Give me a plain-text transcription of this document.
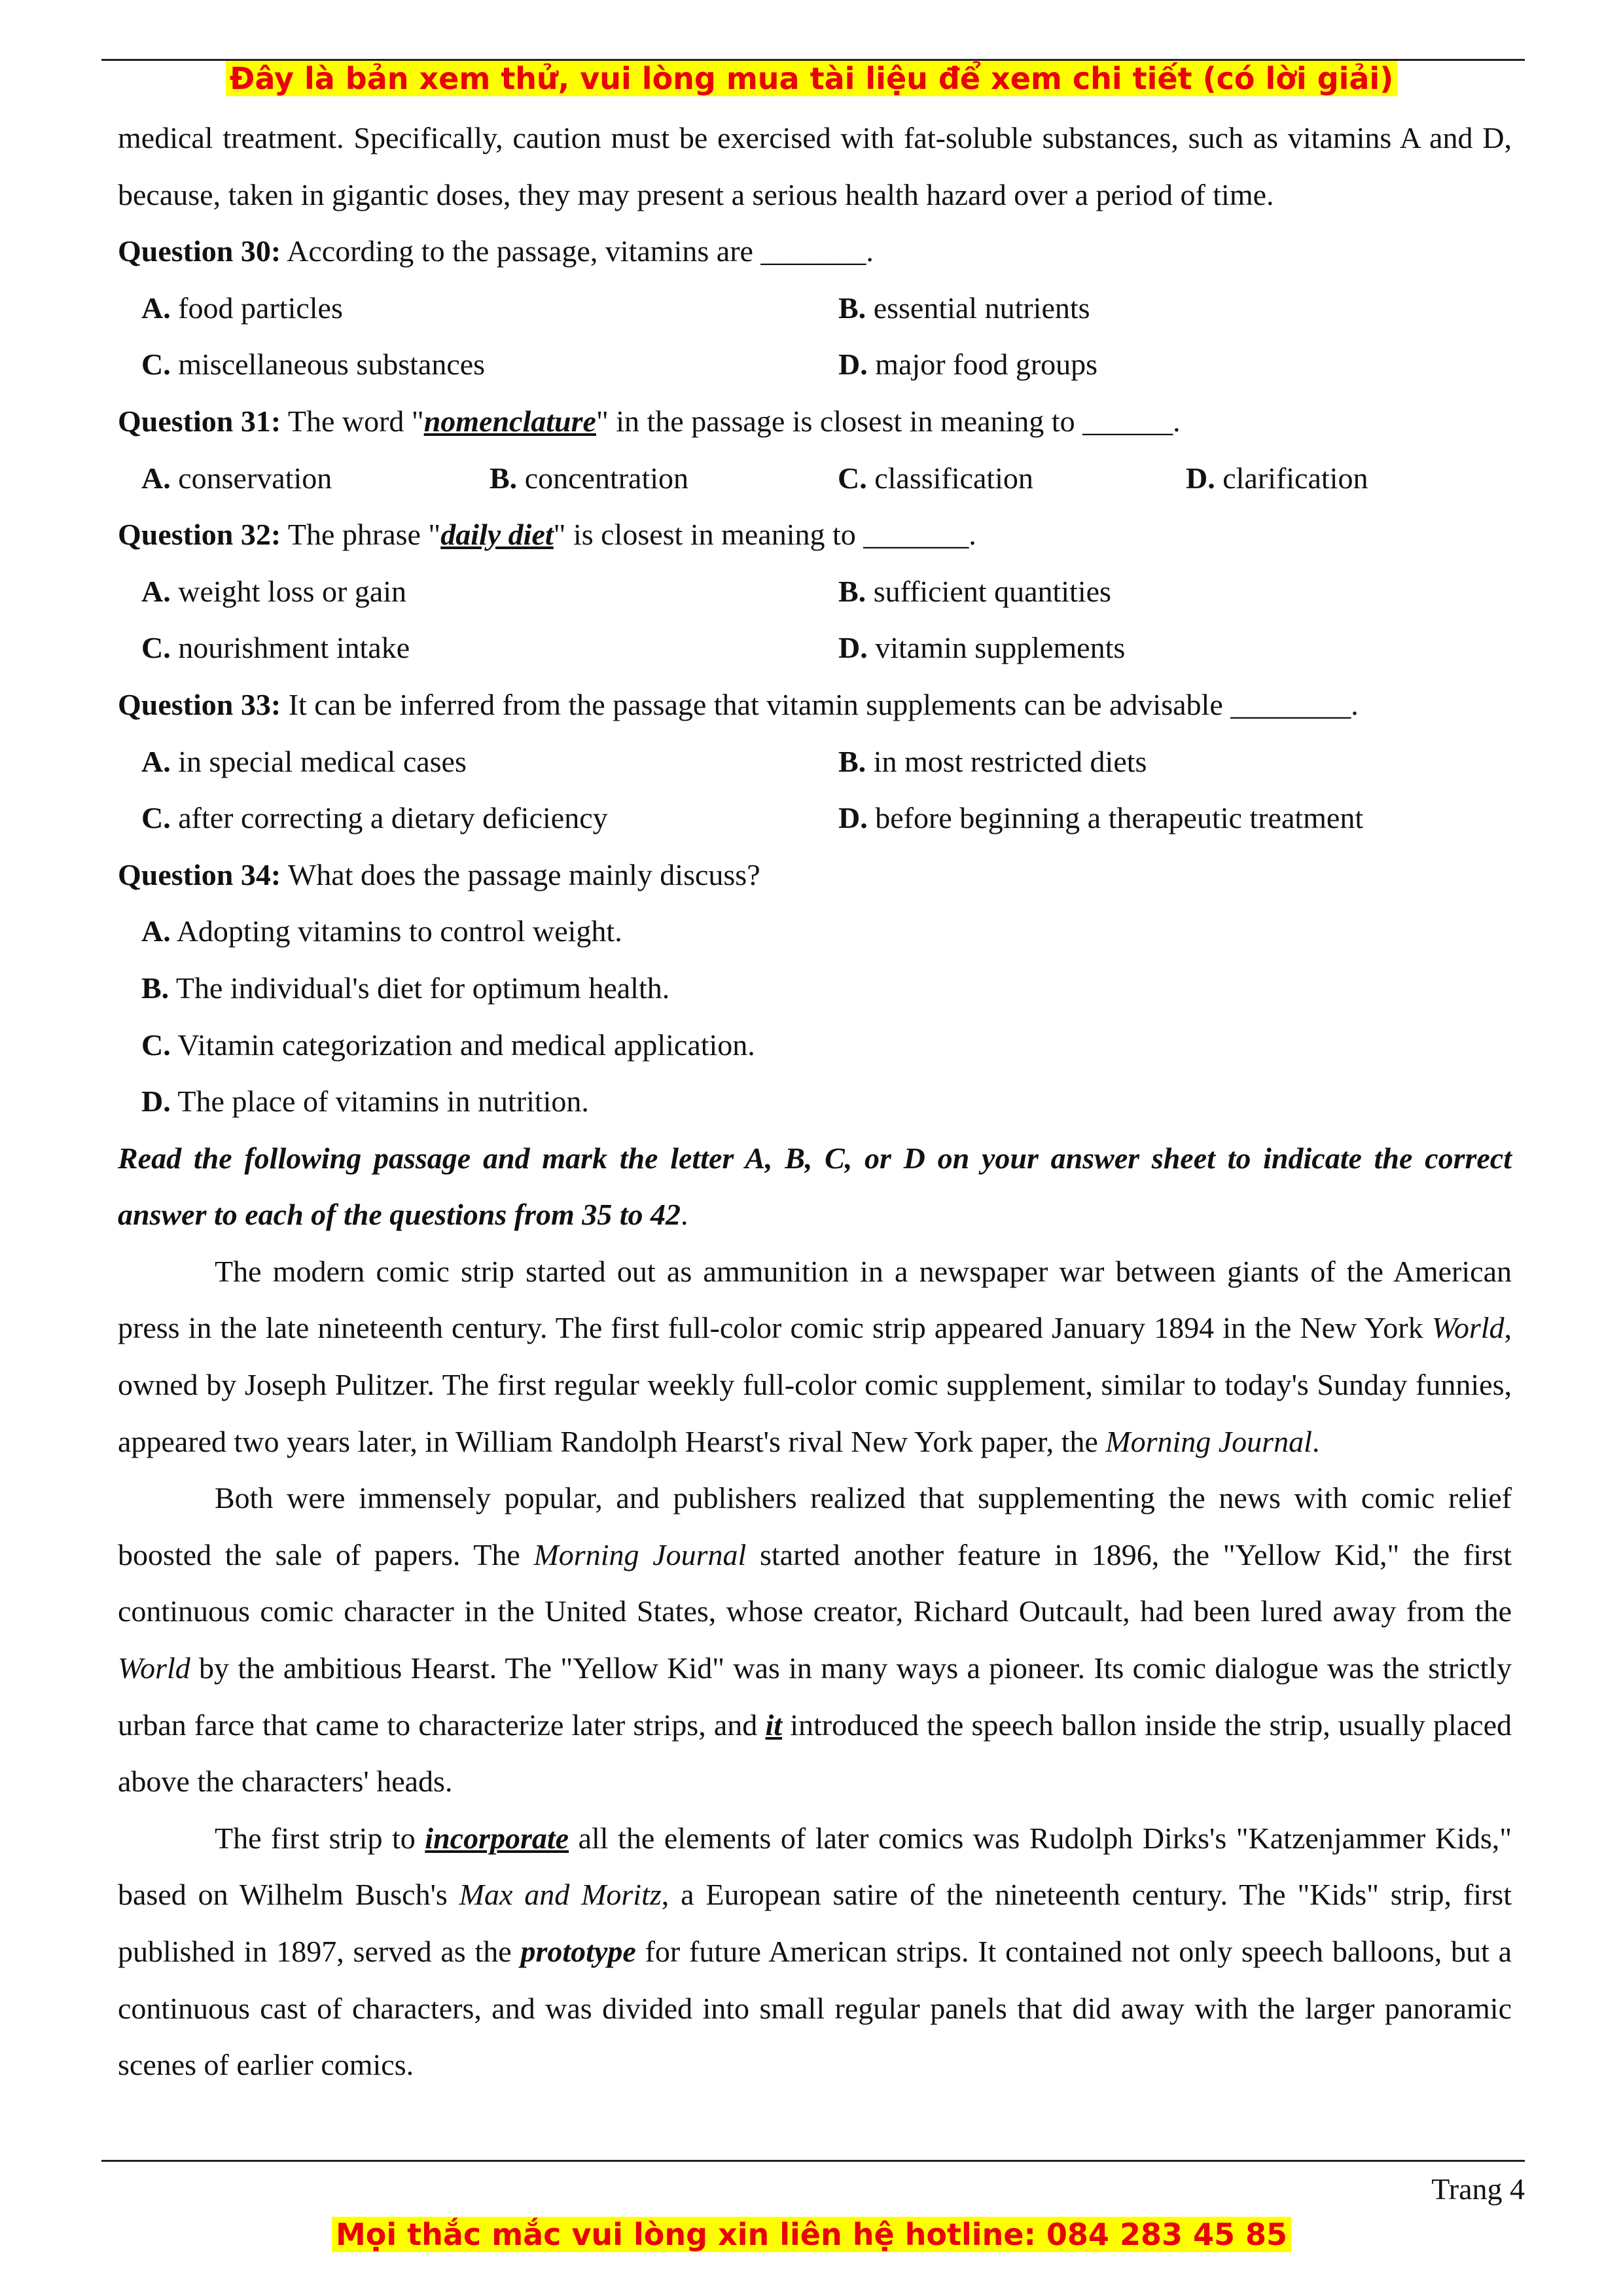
Đây là bản xem thử, vui lòng mua tài liệu để xem chi tiết (có lời giải)

medical treatment. Specifically, caution must be exercised with fat-soluble substances, such as vitamins A and D, because, taken in gigantic doses, they may present a serious health hazard over a period of time.

Question 30: According to the passage, vitamins are _______.

A. food particles	B. essential nutrients
C. miscellaneous substances	D. major food groups

Question 31: The word "nomenclature" in the passage is closest in meaning to ______.

A. conservation	B. concentration	C. classification	D. clarification

Question 32: The phrase "daily diet" is closest in meaning to _______.

A. weight loss or gain	B. sufficient quantities
C. nourishment intake	D. vitamin supplements

Question 33: It can be inferred from the passage that vitamin supplements can be advisable ________.

A. in special medical cases	B. in most restricted diets
C. after correcting a dietary deficiency	D. before beginning a therapeutic treatment

Question 34: What does the passage mainly discuss?

A. Adopting vitamins to control weight.
B. The individual's diet for optimum health.
C. Vitamin categorization and medical application.
D. The place of vitamins in nutrition.

Read the following passage and mark the letter A, B, C, or D on your answer sheet to indicate the correct answer to each of the questions from 35 to 42.

The modern comic strip started out as ammunition in a newspaper war between giants of the American press in the late nineteenth century. The first full-color comic strip appeared January 1894 in the New York World, owned by Joseph Pulitzer. The first regular weekly full-color comic supplement, similar to today's Sunday funnies, appeared two years later, in William Randolph Hearst's rival New York paper, the Morning Journal.

Both were immensely popular, and publishers realized that supplementing the news with comic relief boosted the sale of papers. The Morning Journal started another feature in 1896, the "Yellow Kid," the first continuous comic character in the United States, whose creator, Richard Outcault, had been lured away from the World by the ambitious Hearst. The "Yellow Kid" was in many ways a pioneer. Its comic dialogue was the strictly urban farce that came to characterize later strips, and it introduced the speech ballon inside the strip, usually placed above the characters' heads.

The first strip to incorporate all the elements of later comics was Rudolph Dirks's "Katzenjammer Kids," based on Wilhelm Busch's Max and Moritz, a European satire of the nineteenth century. The "Kids" strip, first published in 1897, served as the prototype for future American strips. It contained not only speech balloons, but a continuous cast of characters, and was divided into small regular panels that did away with the larger panoramic scenes of earlier comics.

Trang 4
Mọi thắc mắc vui lòng xin liên hệ hotline: 084 283 45 85
